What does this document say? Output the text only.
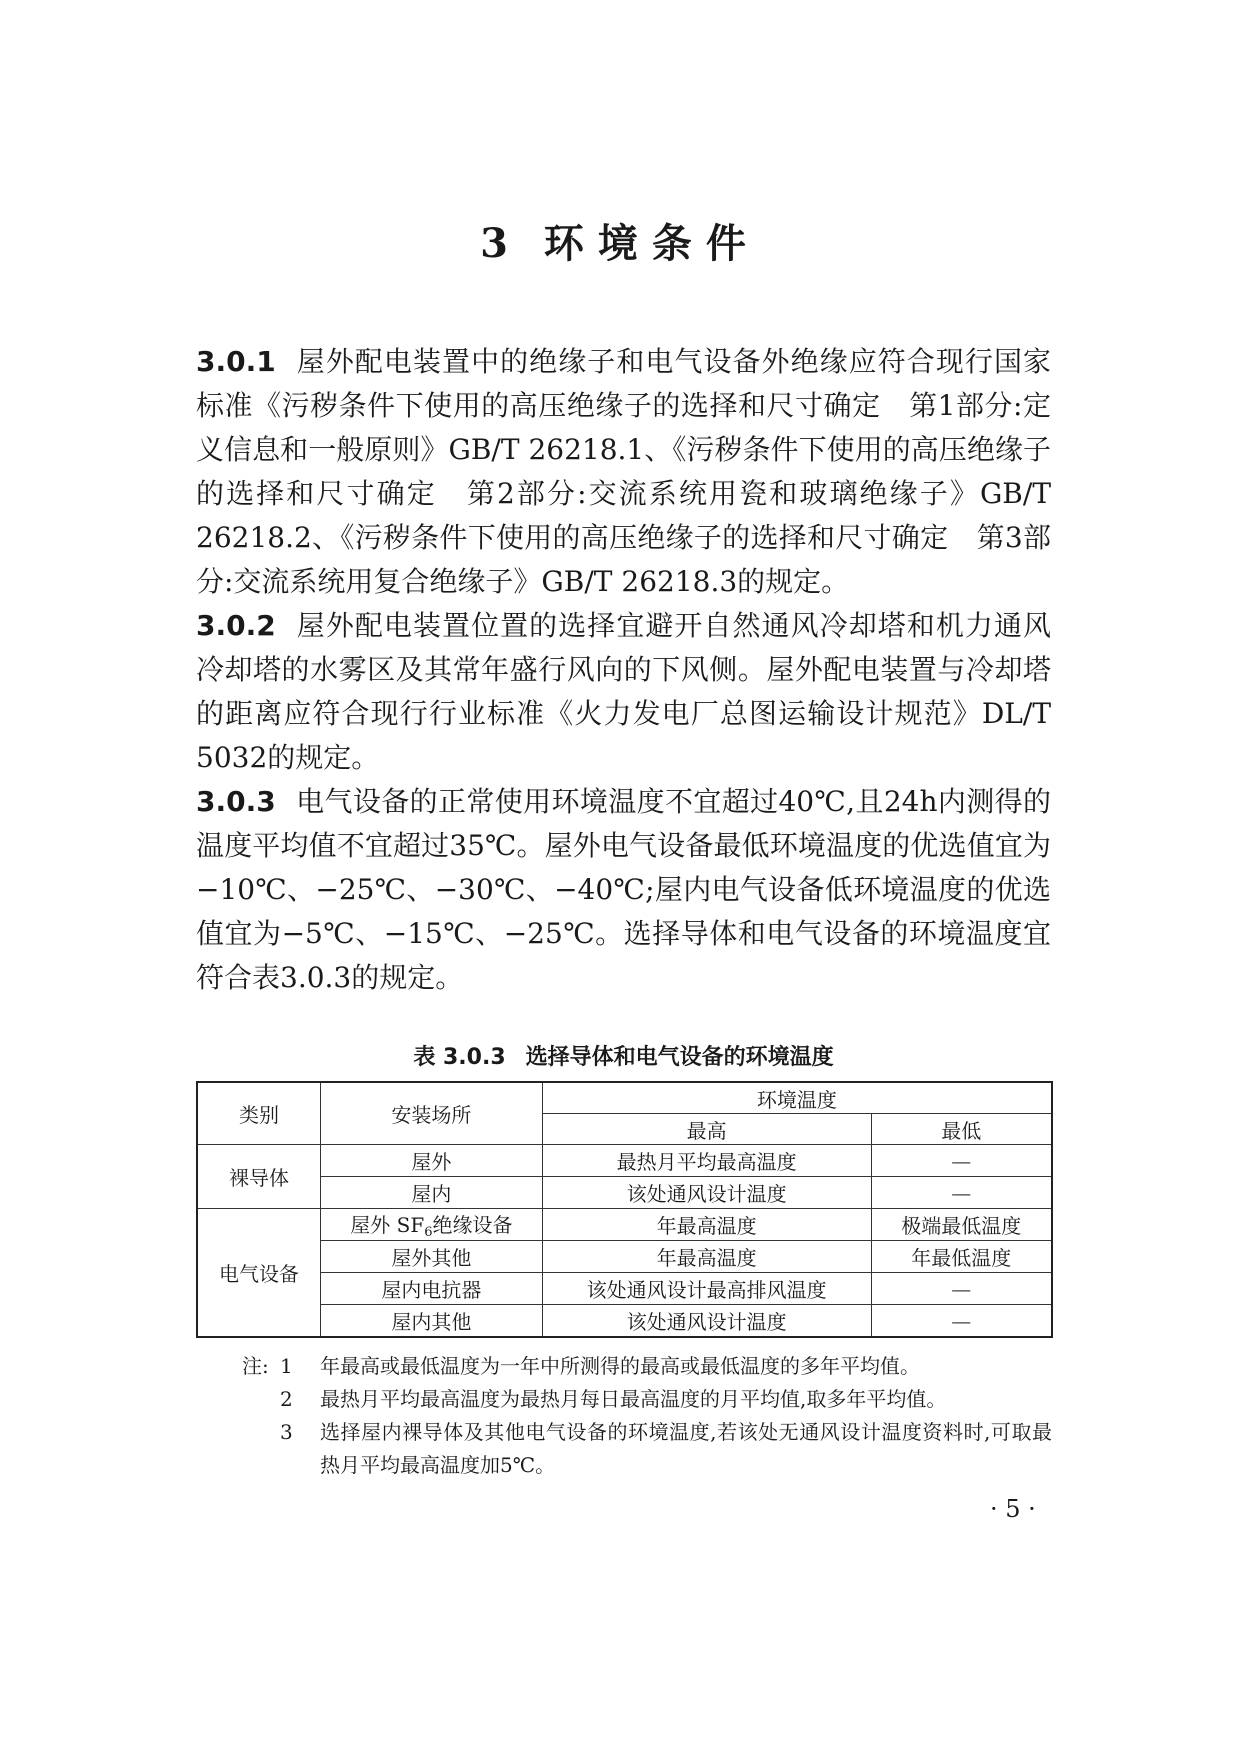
3 环境条件

3.0.1 屋外配电装置中的绝缘子和电气设备外绝缘应符合现行国家标准《污秽条件下使用的高压绝缘子的选择和尺寸确定　第1部分:定义信息和一般原则》GB/T 26218.1、《污秽条件下使用的高压绝缘子的选择和尺寸确定　第2部分:交流系统用瓷和玻璃绝缘子》GB/T 26218.2、《污秽条件下使用的高压绝缘子的选择和尺寸确定　第3部分:交流系统用复合绝缘子》GB/T 26218.3的规定。

3.0.2 屋外配电装置位置的选择宜避开自然通风冷却塔和机力通风冷却塔的水雾区及其常年盛行风向的下风侧。屋外配电装置与冷却塔的距离应符合现行行业标准《火力发电厂总图运输设计规范》DL/T 5032的规定。

3.0.3 电气设备的正常使用环境温度不宜超过40℃,且24h内测得的温度平均值不宜超过35℃。屋外电气设备最低环境温度的优选值宜为−10℃、−25℃、−30℃、−40℃;屋内电气设备低环境温度的优选值宜为−5℃、−15℃、−25℃。选择导体和电气设备的环境温度宜符合表3.0.3的规定。

表 3.0.3 选择导体和电气设备的环境温度
类别	安装场所	环境温度	
		最高	最低
裸导体	屋外	最热月平均最高温度	—
	屋内	该处通风设计温度	—
电气设备	屋外 $SF_6$绝缘设备	年最高温度	极端最低温度
	屋外其他	年最高温度	年最低温度
	屋内电抗器	该处通风设计最高排风温度	—
	屋内其他	该处通风设计温度	—
注: 1	年最高或最低温度为一年中所测得的最高或最低温度的多年平均值。
2	最热月平均最高温度为最热月每日最高温度的月平均值,取多年平均值。
3	选择屋内裸导体及其他电气设备的环境温度,若该处无通风设计温度资料时,可取最热月平均最高温度加5℃。
· 5 ·
